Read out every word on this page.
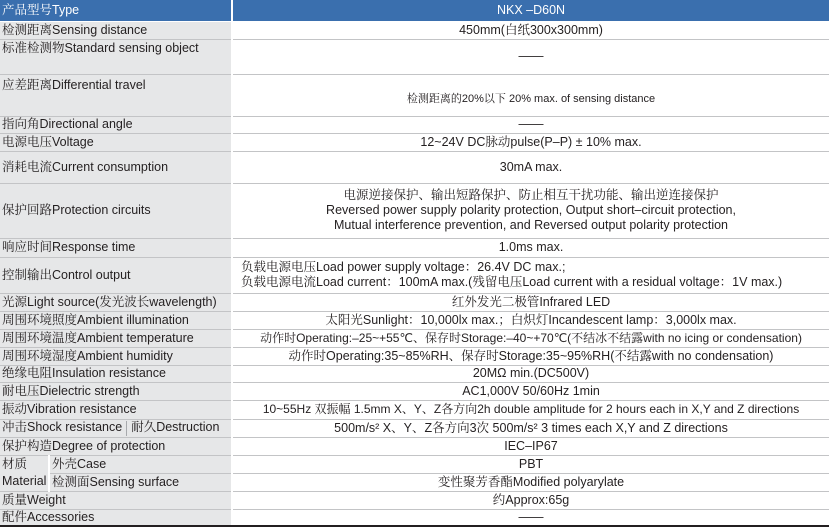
产品型号Type		NKX –D60N
检测距离Sensing distance		450mm(白纸300x300mm)
标准检测物Standard sensing object		——
应差距离Differential travel		检测距离的20%以下 20% max. of sensing distance
指向角Directional angle		——
电源电压Voltage		12~24V DC脉动pulse(P–P) ± 10% max.
消耗电流Current consumption		30mA max.
保护回路Protection circuits		电源逆接保护、输出短路保护、防止相互干扰功能、输出逆连接保护
Reversed power supply polarity protection, Output short–circuit protection,
Mutual interference prevention, and Reversed output polarity protection

响应时间Response time		1.0ms max.
控制输出Control output		负载电源电压Load power supply voltage：26.4V DC max.;
负载电源电流Load current：100mA max.(残留电压Load current with a residual voltage：1V max.)

光源Light source(发光波长wavelength)		红外发光二极管Infrared LED
周围环境照度Ambient illumination		太阳光Sunlight：10,000lx max.；白炽灯Incandescent lamp：3,000lx max.
周围环境温度Ambient temperature		动作时Operating:–25~+55℃、保存时Storage:–40~+70℃(不结冰不结露with no icing or condensation)
周围环境湿度Ambient humidity		动作时Operating:35~85%RH、保存时Storage:35~95%RH(不结露with no condensation)
绝缘电阻Insulation resistance		20MΩ min.(DC500V)
耐电压Dielectric strength		AC1,000V 50/60Hz 1min
振动Vibration resistance		10~55Hz 双振幅 1.5mm X、Y、Z各方向2h double amplitude for 2 hours each in X,Y and Z directions
冲击Shock resistance 耐久Destruction		500m/s² X、Y、Z各方向3次 500m/s² 3 times each X,Y and Z directions
保护构造Degree of protection		IEC–IP67

材质
Material	外壳Case	PBT
	检测面Sensing surface	变性聚芳香酯Modified polyarylate
质量Weight		约Approx:65g
配件Accessories		——
